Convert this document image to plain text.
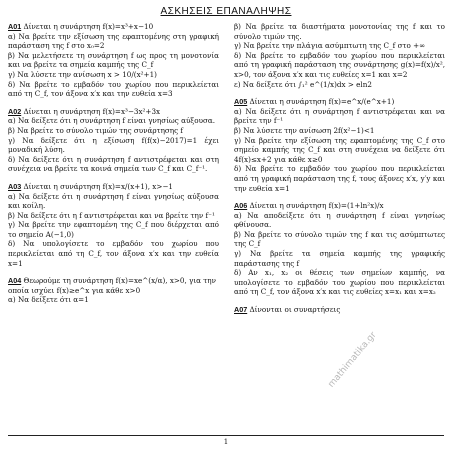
ΑΣΚΗΣΕΙΣ ΕΠΑΝΑΛΗΨΗΣ
Α01 Δίνεται η συνάρτηση f(x)=x³+x−10
α) Να βρείτε την εξίσωση της εφαπτομένης στη γραφική παράσταση της f στο x₀=2
β) Να μελετήσετε τη συνάρτηση f ως προς τη μονοτονία και να βρείτε τα σημεία καμπής της C_f
γ) Να λύσετε την ανίσωση x > 10/(x²+1)
δ) Να βρείτε το εμβαδόν του χωρίου που περικλείεται από τη C_f, τον άξονα x′x και την ευθεία x=3
Α02 Δίνεται η συνάρτηση f(x)=x³−3x²+3x
α) Να δείξετε ότι η συνάρτηση f είναι γνησίως αύξουσα.
β) Να βρείτε το σύνολο τιμών της συνάρτησης f
γ) Να δείξετε ότι η εξίσωση f(f(x)−2017)=1 έχει μοναδική λύση.
δ) Να δείξετε ότι η συνάρτηση f αντιστρέφεται και στη συνέχεια να βρείτε τα κοινά σημεία των C_f και C_f⁻¹.
Α03 Δίνεται η συνάρτηση f(x)=x/(x+1), x>−1
α) Να δείξετε ότι η συνάρτηση f είναι γνησίως αύξουσα και κοίλη.
β) Να δείξετε ότι η f αντιστρέφεται και να βρείτε την f⁻¹
γ) Να βρείτε την εφαπτομένη της C_f που διέρχεται από το σημείο Α(−1,0)
δ) Να υπολογίσετε το εμβαδόν του χωρίου που περικλείεται από τη C_f, τον άξονα x′x και την ευθεία x=1
Α04 Θεωρούμε τη συνάρτηση f(x)=xe^(x/α), x>0, για την οποία ισχύει f(x)≥e^x για κάθε x>0
α) Να δείξετε ότι α=1
β) Να βρείτε τα διαστήματα μονοτονίας της f και το σύνολο τιμών της.
γ) Να βρείτε την πλάγια ασύμπτωτη της C_f στο +∞
δ) Να βρείτε το εμβαδόν του χωρίου που περικλείεται από τη γραφική παράσταση της συνάρτησης g(x)=f(x)/x², x>0, τον άξονα x′x και τις ευθείες x=1 και x=2
ε) Να δείξετε ότι ∫₁² e^(1/x)dx > eln2
Α05 Δίνεται η συνάρτηση f(x)=e^x/(e^x+1)
α) Να δείξετε ότι η συνάρτηση f αντιστρέφεται και να βρείτε την f⁻¹
β) Να λύσετε την ανίσωση 2f(x²−1)<1
γ) Να βρείτε την εξίσωση της εφαπτομένης της C_f στο σημείο καμπής της C_f και στη συνέχεια να δείξετε ότι 4f(x)≤x+2 για κάθε x≥0
δ) Να βρείτε το εμβαδόν του χωρίου που περικλείεται από τη γραφική παράσταση της f, τους άξονες x′x, y′y και την ευθεία x=1
Α06 Δίνεται η συνάρτηση f(x)=(1+ln²x)/x
α) Να αποδείξετε ότι η συνάρτηση f είναι γνησίως φθίνουσα.
β) Να βρείτε το σύνολο τιμών της f και τις ασύμπτωτες της C_f
γ) Να βρείτε τα σημεία καμπής της γραφικής παράστασης της f
δ) Αν x₁, x₂ οι θέσεις των σημείων καμπής, να υπολογίσετε το εμβαδόν του χωρίου που περικλείεται από τη C_f, τον άξονα x′x και τις ευθείες x=x₁ και x=x₂
Α07 Δίνονται οι συναρτήσεις
mathimatika.gr
1
